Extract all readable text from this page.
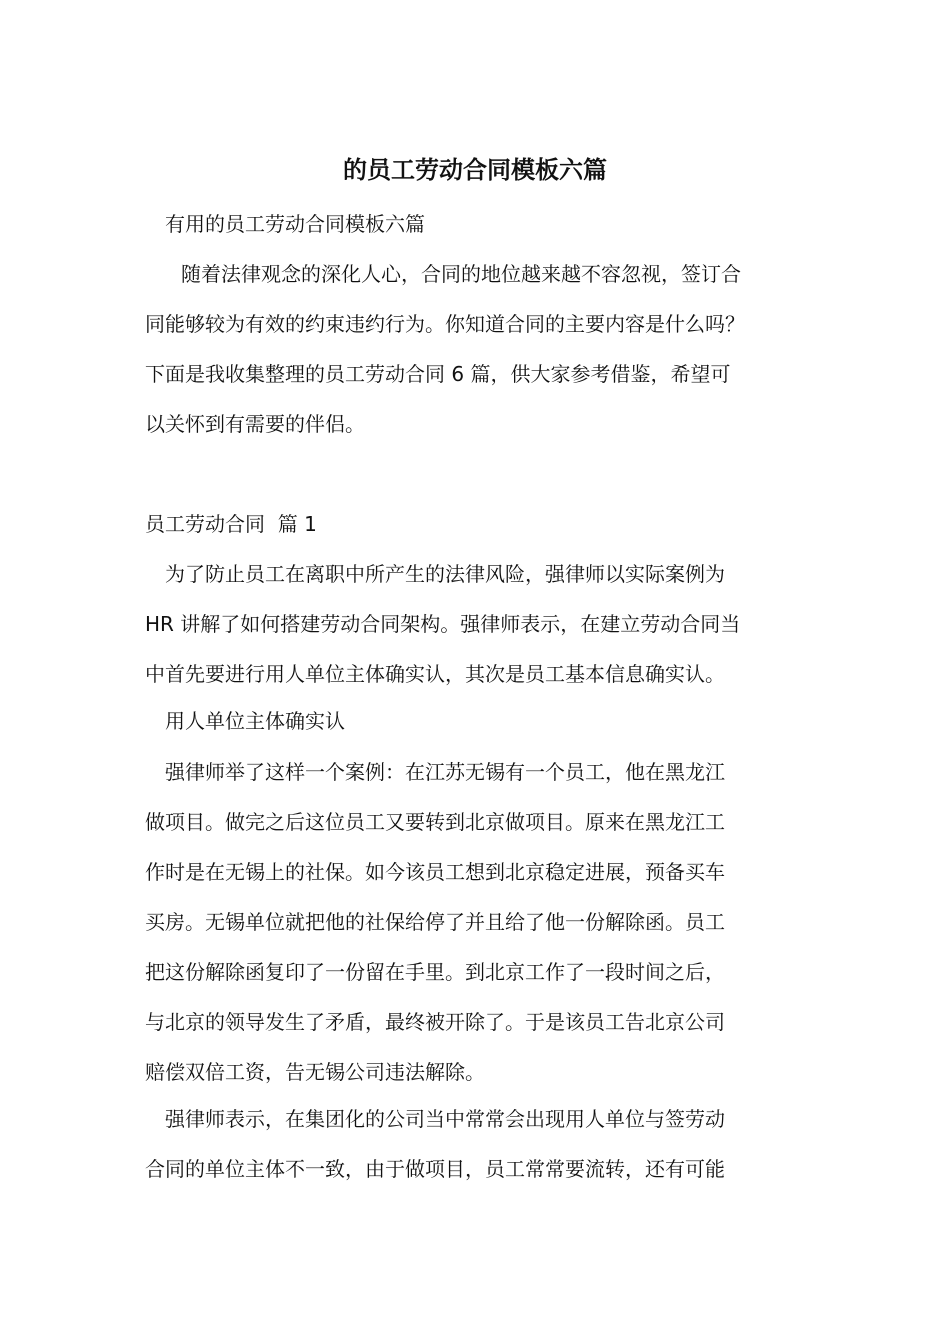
的员工劳动合同模板六篇
有用的员工劳动合同模板六篇
随着法律观念的深化人心，合同的地位越来越不容忽视，签订合
同能够较为有效的约束违约行为。你知道合同的主要内容是什么吗？
下面是我收集整理的员工劳动合同 6 篇，供大家参考借鉴，希望可
以关怀到有需要的伴侣。
员工劳动合同  篇 1
为了防止员工在离职中所产生的法律风险，强律师以实际案例为
HR 讲解了如何搭建劳动合同架构。强律师表示，在建立劳动合同当
中首先要进行用人单位主体确实认，其次是员工基本信息确实认。
用人单位主体确实认
强律师举了这样一个案例：在江苏无锡有一个员工，他在黑龙江
做项目。做完之后这位员工又要转到北京做项目。原来在黑龙江工
作时是在无锡上的社保。如今该员工想到北京稳定进展，预备买车
买房。无锡单位就把他的社保给停了并且给了他一份解除函。员工
把这份解除函复印了一份留在手里。到北京工作了一段时间之后，
与北京的领导发生了矛盾，最终被开除了。于是该员工告北京公司
赔偿双倍工资，告无锡公司违法解除。
强律师表示，在集团化的公司当中常常会出现用人单位与签劳动
合同的单位主体不一致，由于做项目，员工常常要流转，还有可能
